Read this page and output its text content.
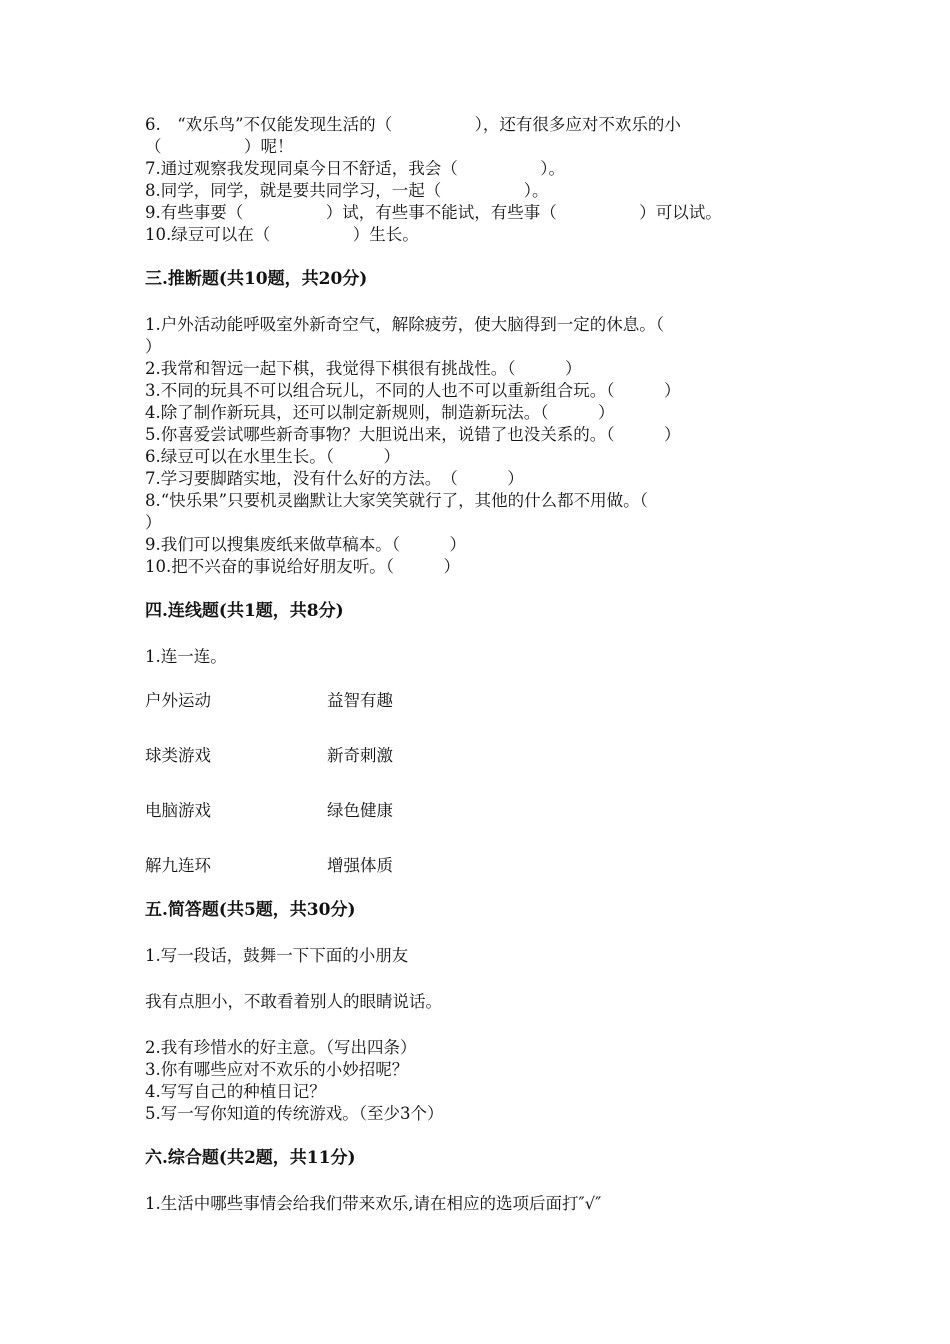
6.　“欢乐鸟”不仅能发现生活的（　　　　　），还有很多应对不欢乐的小
（　　　　　）呢！
7.通过观察我发现同桌今日不舒适，我会（　　　　　）。
8.同学，同学，就是要共同学习，一起（　　　　　）。
9.有些事要（　　　　　）试，有些事不能试，有些事（　　　　　）可以试。
10.绿豆可以在（　　　　　）生长。
三.推断题(共10题，共20分)
1.户外活动能呼吸室外新奇空气，解除疲劳，使大脑得到一定的休息。（
）
2.我常和智远一起下棋，我觉得下棋很有挑战性。（　　　）
3.不同的玩具不可以组合玩儿，不同的人也不可以重新组合玩。（　　　）
4.除了制作新玩具，还可以制定新规则，制造新玩法。（　　　）
5.你喜爱尝试哪些新奇事物？大胆说出来，说错了也没关系的。（　　　）
6.绿豆可以在水里生长。（　　　）
7.学习要脚踏实地，没有什么好的方法。　（　　　）
8.“快乐果”只要机灵幽默让大家笑笑就行了，其他的什么都不用做。（
）
9.我们可以搜集废纸来做草稿本。（　　　）
10.把不兴奋的事说给好朋友听。（　　　）
四.连线题(共1题，共8分)
1.连一连。
户外运动	益智有趣
球类游戏	新奇刺激
电脑游戏	绿色健康
解九连环	增强体质
五.简答题(共5题，共30分)
1.写一段话，鼓舞一下下面的小朋友
我有点胆小，不敢看着别人的眼睛说话。
2.我有珍惜水的好主意。（写出四条）
3.你有哪些应对不欢乐的小妙招呢？
4.写写自己的种植日记？
5.写一写你知道的传统游戏。（至少3个）
六.综合题(共2题，共11分)
1.生活中哪些事情会给我们带来欢乐,请在相应的选项后面打″√″
